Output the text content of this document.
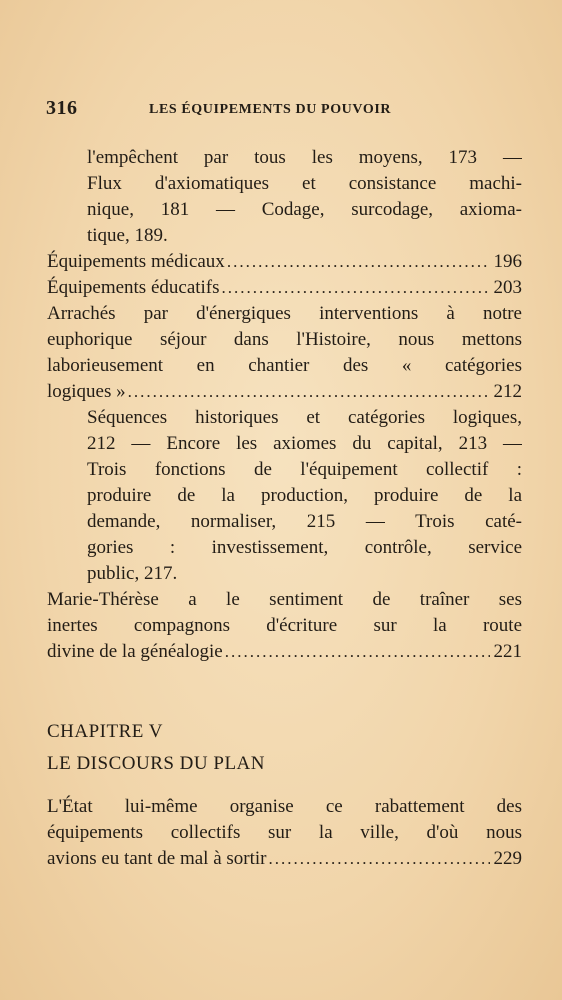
316	LES ÉQUIPEMENTS DU POUVOIR
l'empêchent par tous les moyens, 173 —
Flux d'axiomatiques et consistance machi-
nique, 181 — Codage, surcodage, axioma-
tique, 189.
Équipements médicaux .....	196
Équipements éducatifs .....	203
Arrachés par d'énergiques interventions à notre
euphorique séjour dans l'Histoire, nous mettons
laborieusement en chantier des « catégories
logiques » .....	212
Séquences historiques et catégories logiques,
212 — Encore les axiomes du capital, 213 —
Trois fonctions de l'équipement collectif :
produire de la production, produire de la
demande, normaliser, 215 — Trois caté-
gories : investissement, contrôle, service
public, 217.
Marie-Thérèse a le sentiment de traîner ses
inertes compagnons d'écriture sur la route
divine de la généalogie .....	221
CHAPITRE V
LE DISCOURS DU PLAN
L'État lui-même organise ce rabattement des
équipements collectifs sur la ville, d'où nous
avions eu tant de mal à sortir .....	229
